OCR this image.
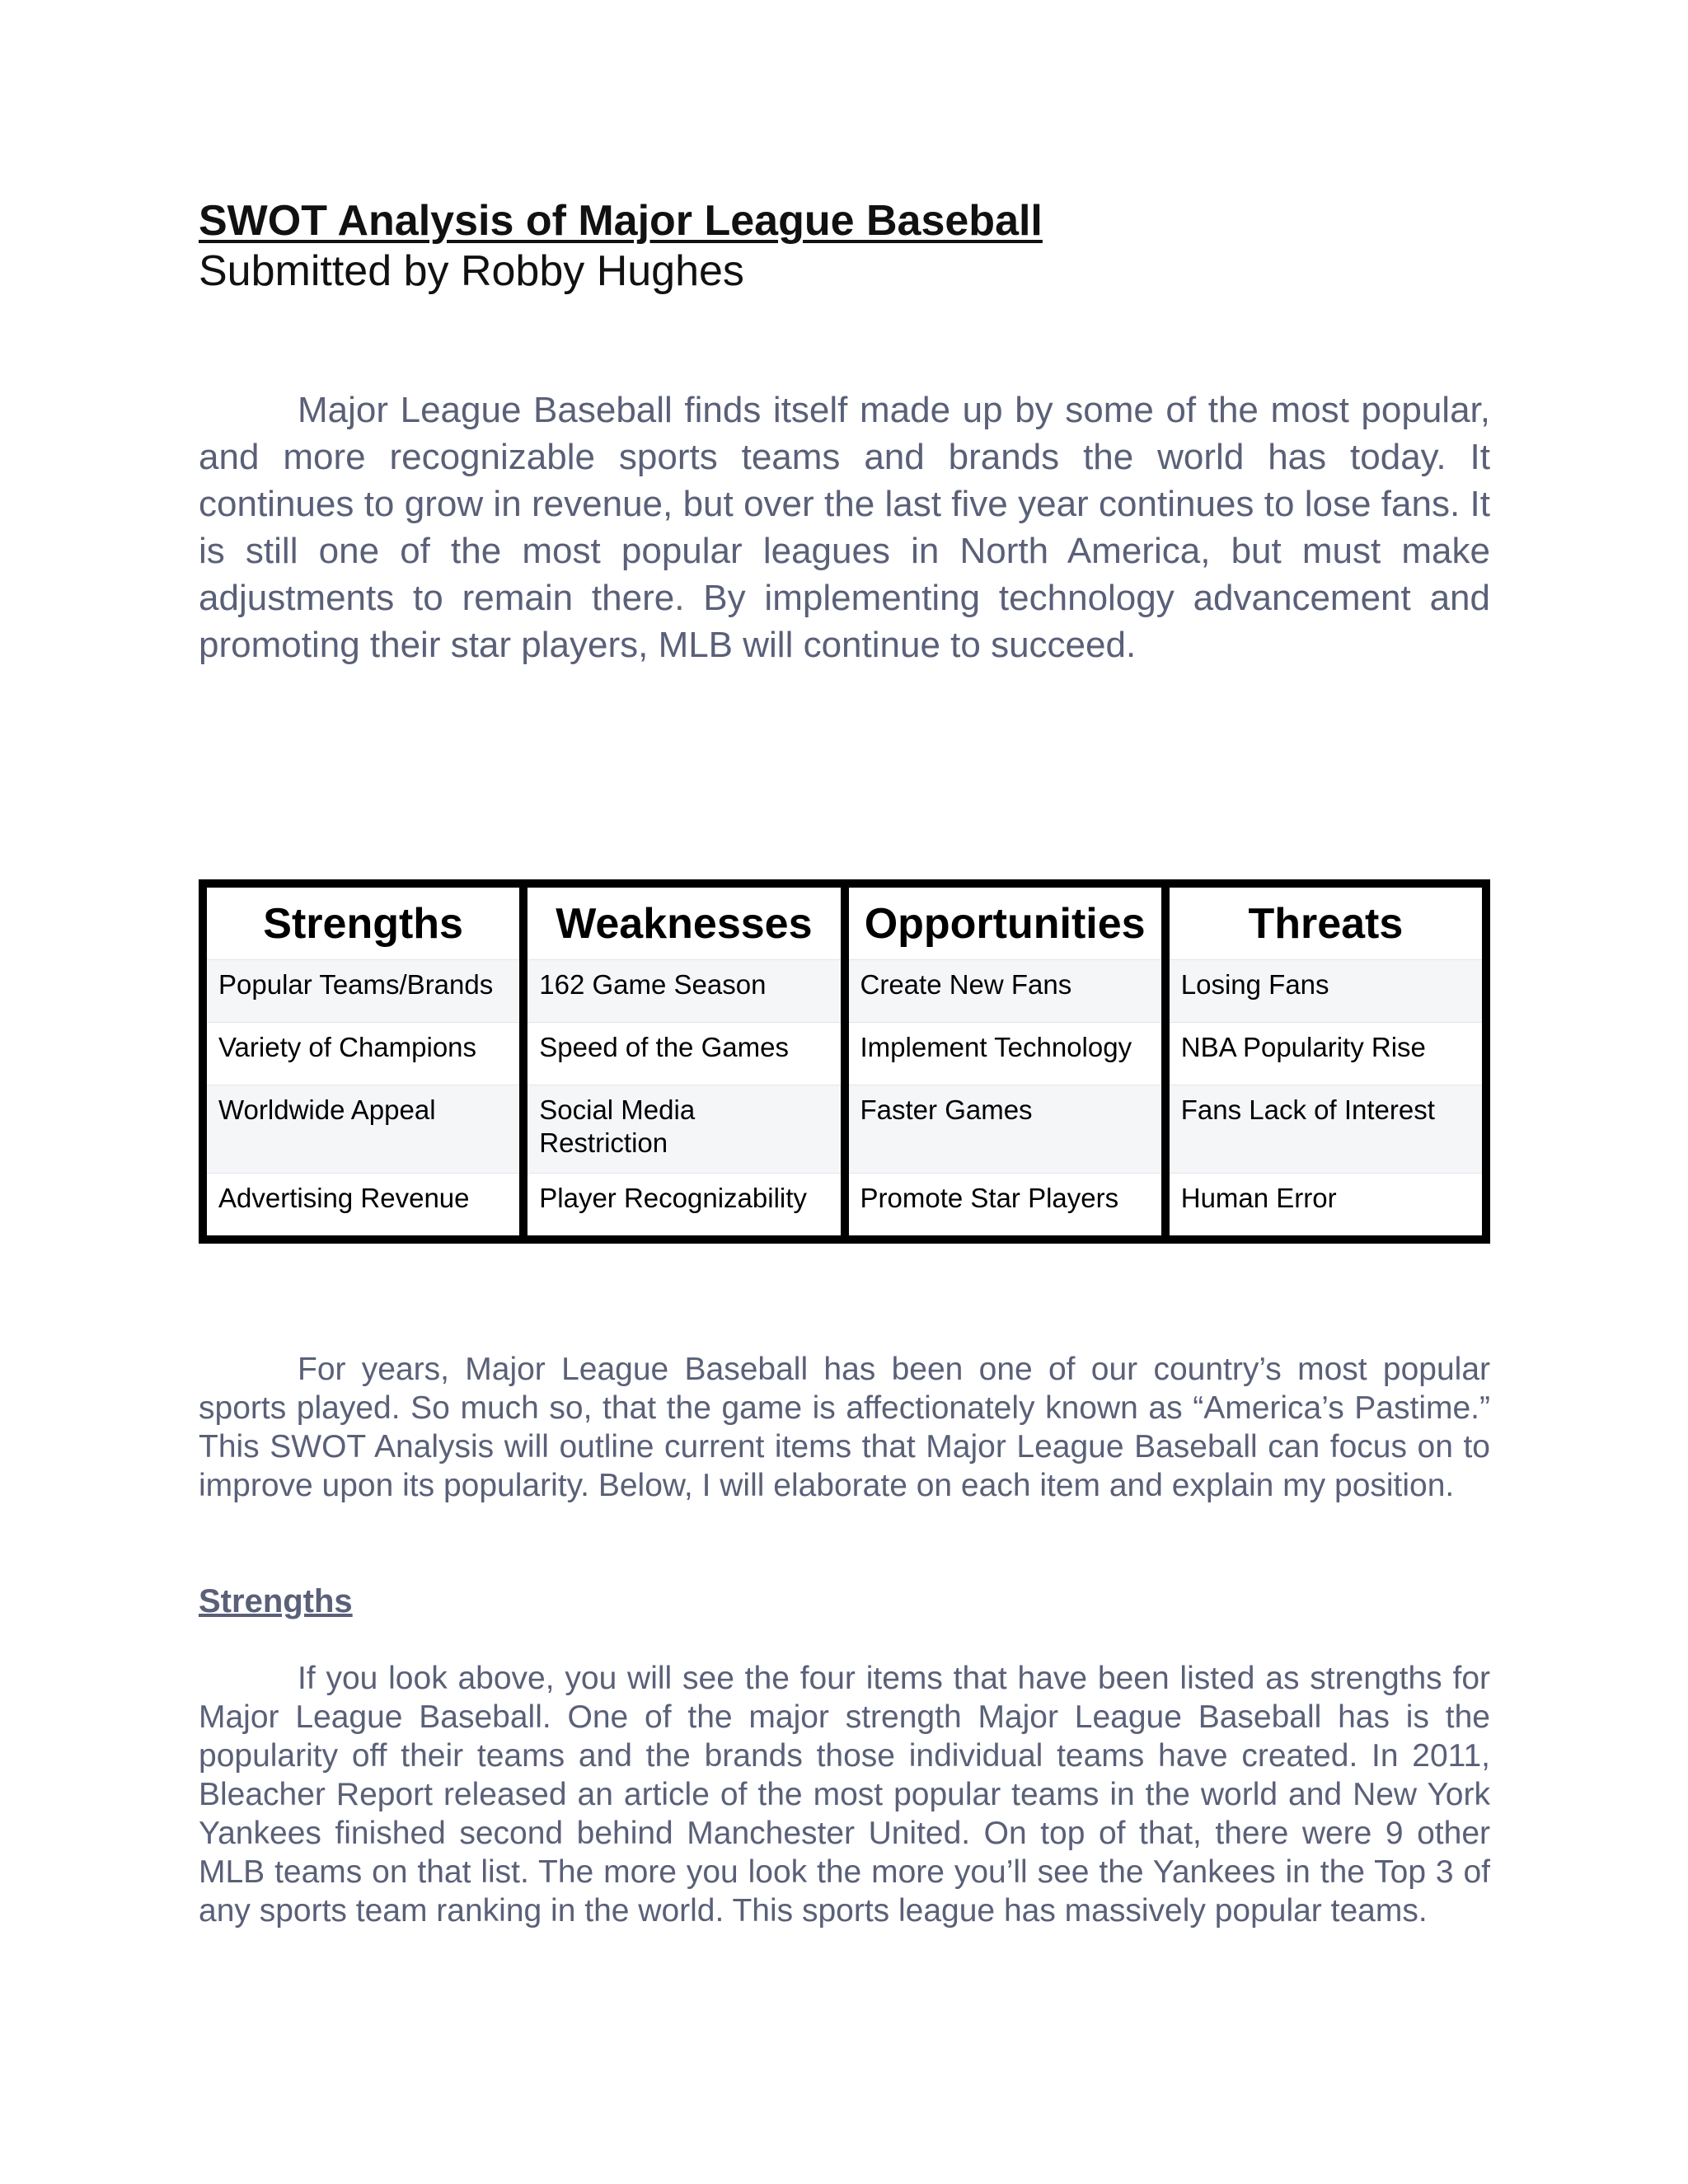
SWOT Analysis of Major League Baseball

Submitted by Robby Hughes

Major League Baseball finds itself made up by some of the most popular, and more recognizable sports teams and brands the world has today. It continues to grow in revenue, but over the last five year continues to lose fans. It is still one of the most popular leagues in North America, but must make adjustments to remain there. By implementing technology advancement and promoting their star players, MLB will continue to succeed.

Strengths
Popular Teams/Brands
Variety of Champions
Worldwide Appeal
Advertising Revenue
Weaknesses
162 Game Season
Speed of the Games
Social Media Restriction
Player Recognizability
Opportunities
Create New Fans
Implement Technology
Faster Games
Promote Star Players
Threats
Losing Fans
NBA Popularity Rise
Fans Lack of Interest
Human Error

For years, Major League Baseball has been one of our country’s most popular sports played. So much so, that the game is affectionately known as “America’s Pastime.” This SWOT Analysis will outline current items that Major League Baseball can focus on to improve upon its popularity. Below, I will elaborate on each item and explain my position.

Strengths

If you look above, you will see the four items that have been listed as strengths for Major League Baseball. One of the major strength Major League Baseball has is the popularity off their teams and the brands those individual teams have created. In 2011, Bleacher Report released an article of the most popular teams in the world and New York Yankees finished second behind Manchester United. On top of that, there were 9 other MLB teams on that list. The more you look the more you’ll see the Yankees in the Top 3 of any sports team ranking in the world. This sports league has massively popular teams.
